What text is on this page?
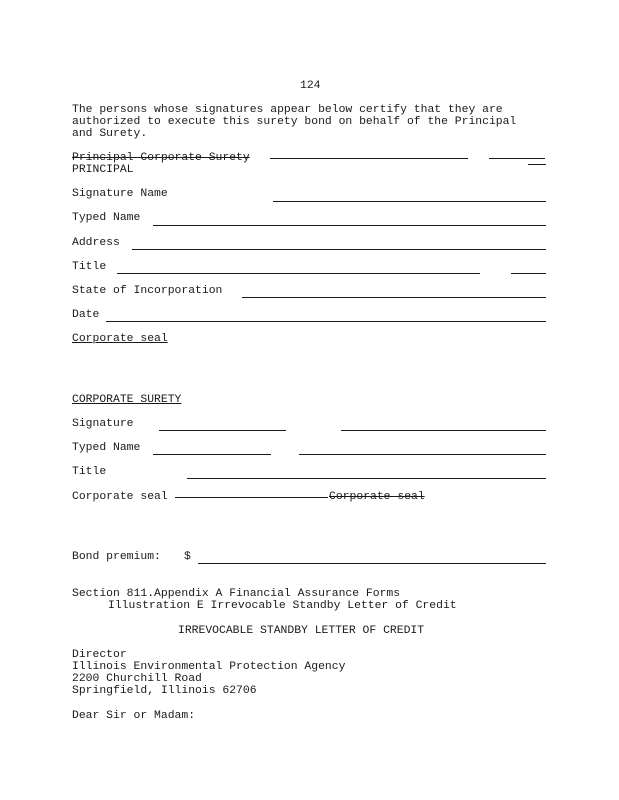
124
The persons whose signatures appear below certify that they are
authorized to execute this surety bond on behalf of the Principal
and Surety.
Principal Corporate Surety
PRINCIPAL
Signature Name
Typed Name
Address
Title
State of Incorporation
Date
Corporate seal
CORPORATE SURETY
Signature
Typed Name
Title
Corporate seal	Corporate seal
Bond premium: $
Section 811.Appendix A Financial Assurance Forms
Illustration E Irrevocable Standby Letter of Credit
IRREVOCABLE STANDBY LETTER OF CREDIT
Director
Illinois Environmental Protection Agency
2200 Churchill Road
Springfield, Illinois 62706
Dear Sir or Madam:
